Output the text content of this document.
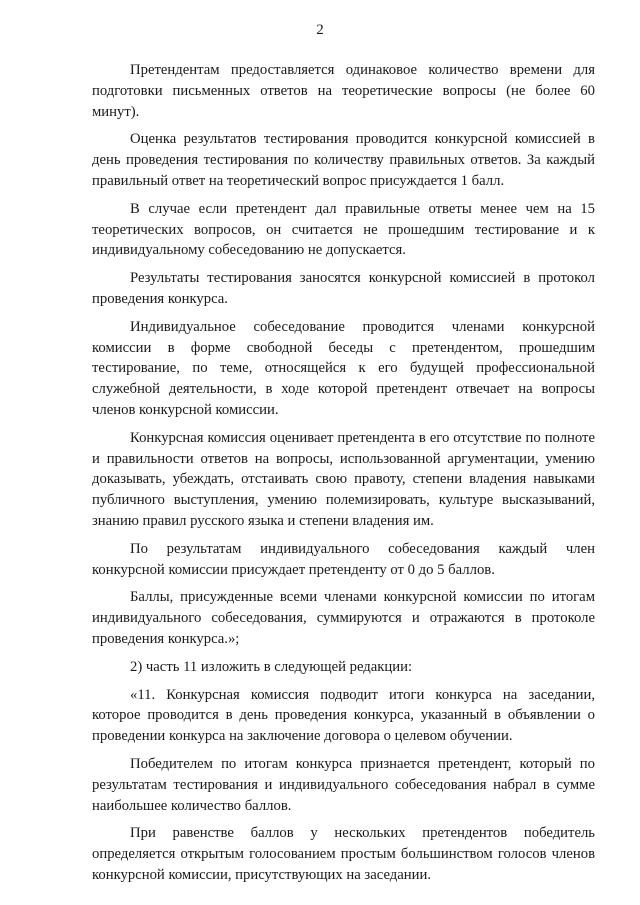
2

Претендентам предоставляется одинаковое количество времени для подготовки письменных ответов на теоретические вопросы (не более 60 минут).

Оценка результатов тестирования проводится конкурсной комиссией в день проведения тестирования по количеству правильных ответов. За каждый правильный ответ на теоретический вопрос присуждается 1 балл.

В случае если претендент дал правильные ответы менее чем на 15 теоретических вопросов, он считается не прошедшим тестирование и к индивидуальному собеседованию не допускается.

Результаты тестирования заносятся конкурсной комиссией в протокол проведения конкурса.

Индивидуальное собеседование проводится членами конкурсной комиссии в форме свободной беседы с претендентом, прошедшим тестирование, по теме, относящейся к его будущей профессиональной служебной деятельности, в ходе которой претендент отвечает на вопросы членов конкурсной комиссии.

Конкурсная комиссия оценивает претендента в его отсутствие по полноте и правильности ответов на вопросы, использованной аргументации, умению доказывать, убеждать, отстаивать свою правоту, степени владения навыками публичного выступления, умению полемизировать, культуре высказываний, знанию правил русского языка и степени владения им.

По результатам индивидуального собеседования каждый член конкурсной комиссии присуждает претенденту от 0 до 5 баллов.

Баллы, присужденные всеми членами конкурсной комиссии по итогам индивидуального собеседования, суммируются и отражаются в протоколе проведения конкурса.»;

2) часть 11 изложить в следующей редакции:

«11. Конкурсная комиссия подводит итоги конкурса на заседании, которое проводится в день проведения конкурса, указанный в объявлении о проведении конкурса на заключение договора о целевом обучении.

Победителем по итогам конкурса признается претендент, который по результатам тестирования и индивидуального собеседования набрал в сумме наибольшее количество баллов.

При равенстве баллов у нескольких претендентов победитель определяется открытым голосованием простым большинством голосов членов конкурсной комиссии, присутствующих на заседании.
